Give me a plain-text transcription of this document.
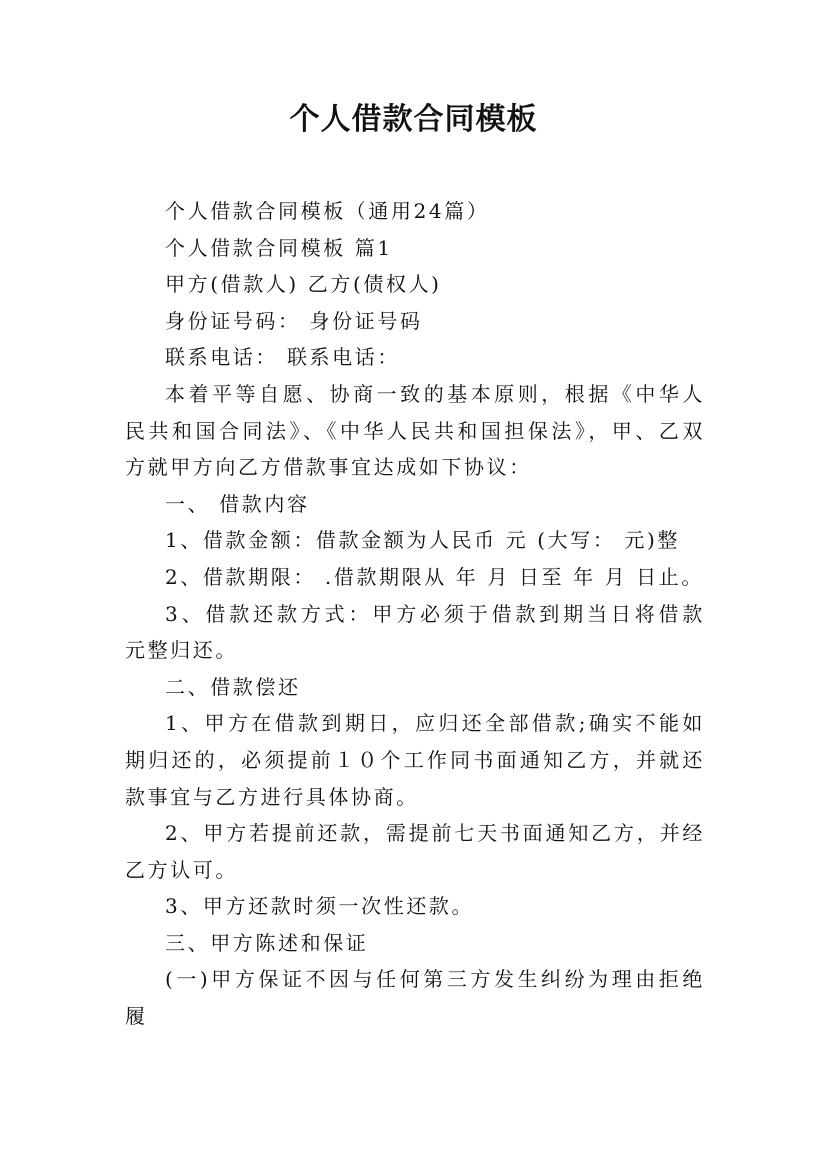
个人借款合同模板

个人借款合同模板（通用24篇）

个人借款合同模板 篇1

甲方(借款人) 乙方(债权人)

身份证号码： 身份证号码

联系电话： 联系电话：

本着平等自愿、协商一致的基本原则，根据《中华人民共和国合同法》、《中华人民共和国担保法》，甲、乙双方就甲方向乙方借款事宜达成如下协议：

一、 借款内容

1、借款金额：借款金额为人民币 元 (大写： 元)整

2、借款期限： .借款期限从 年 月 日至 年 月 日止。

3、借款还款方式：甲方必须于借款到期当日将借款 元整归还。

二、借款偿还

1、甲方在借款到期日，应归还全部借款;确实不能如期归还的，必须提前１０个工作同书面通知乙方，并就还款事宜与乙方进行具体协商。

2、甲方若提前还款，需提前七天书面通知乙方，并经乙方认可。

3、甲方还款时须一次性还款。

三、甲方陈述和保证

(一)甲方保证不因与任何第三方发生纠纷为理由拒绝履
